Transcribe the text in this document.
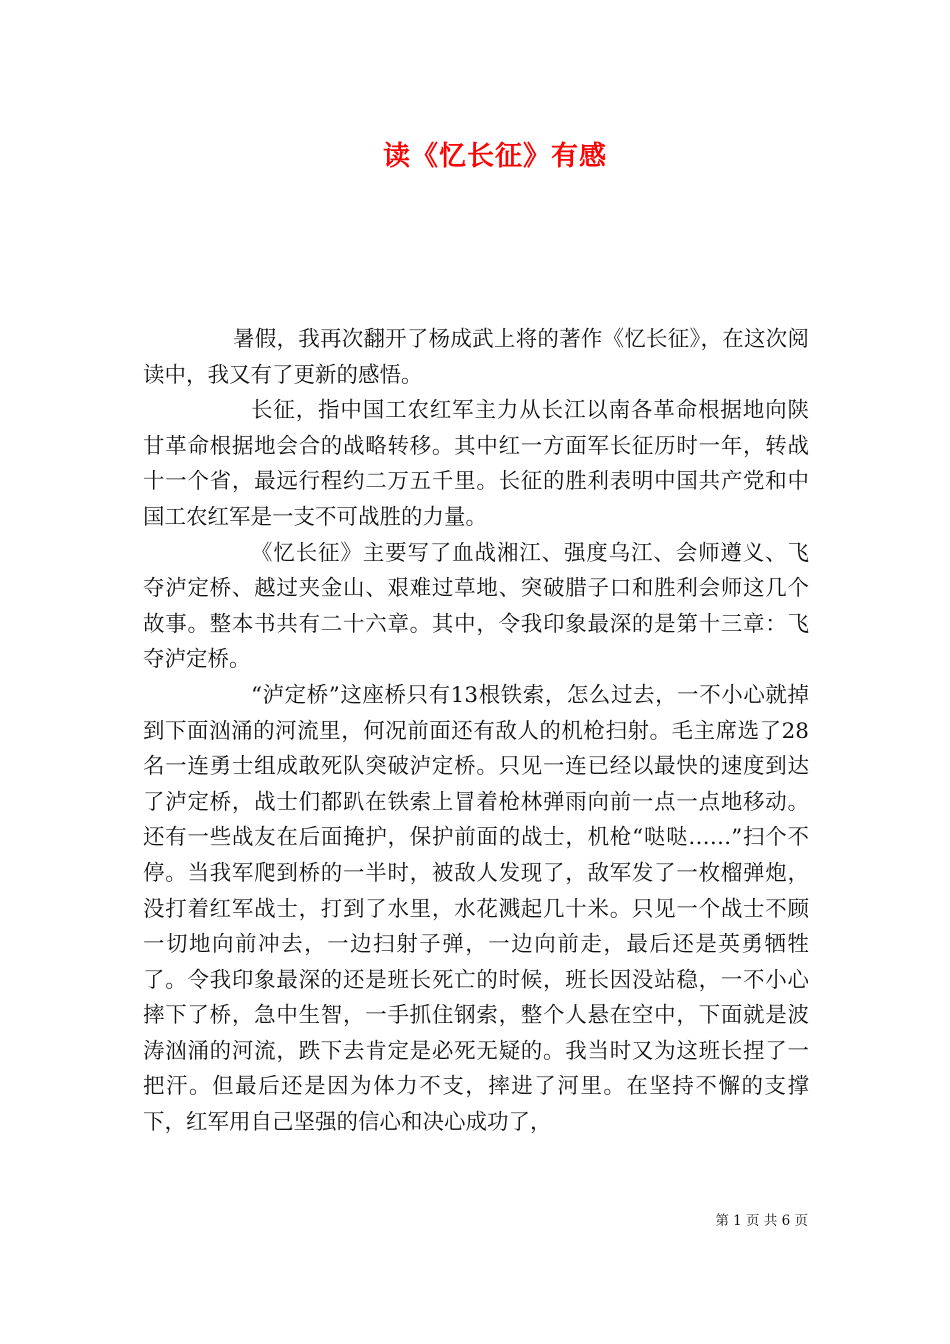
读《忆长征》有感

暑假，我再次翻开了杨成武上将的著作《忆长征》，在这次阅读中，我又有了更新的感悟。

长征，指中国工农红军主力从长江以南各革命根据地向陕甘革命根据地会合的战略转移。其中红一方面军长征历时一年，转战十一个省，最远行程约二万五千里。长征的胜利表明中国共产党和中国工农红军是一支不可战胜的力量。

《忆长征》主要写了血战湘江、强度乌江、会师遵义、飞夺泸定桥、越过夹金山、艰难过草地、突破腊子口和胜利会师这几个故事。整本书共有二十六章。其中，令我印象最深的是第十三章：飞夺泸定桥。

“泸定桥”这座桥只有13根铁索，怎么过去，一不小心就掉到下面汹涌的河流里，何况前面还有敌人的机枪扫射。毛主席选了28名一连勇士组成敢死队突破泸定桥。只见一连已经以最快的速度到达了泸定桥，战士们都趴在铁索上冒着枪林弹雨向前一点一点地移动。还有一些战友在后面掩护，保护前面的战士，机枪“哒哒……”扫个不停。当我军爬到桥的一半时，被敌人发现了，敌军发了一枚榴弹炮，没打着红军战士，打到了水里，水花溅起几十米。只见一个战士不顾一切地向前冲去，一边扫射子弹，一边向前走，最后还是英勇牺牲了。令我印象最深的还是班长死亡的时候，班长因没站稳，一不小心摔下了桥，急中生智，一手抓住钢索，整个人悬在空中，下面就是波涛汹涌的河流，跌下去肯定是必死无疑的。我当时又为这班长捏了一把汗。但最后还是因为体力不支，摔进了河里。在坚持不懈的支撑下，红军用自己坚强的信心和决心成功了，

第 1 页 共 6 页
